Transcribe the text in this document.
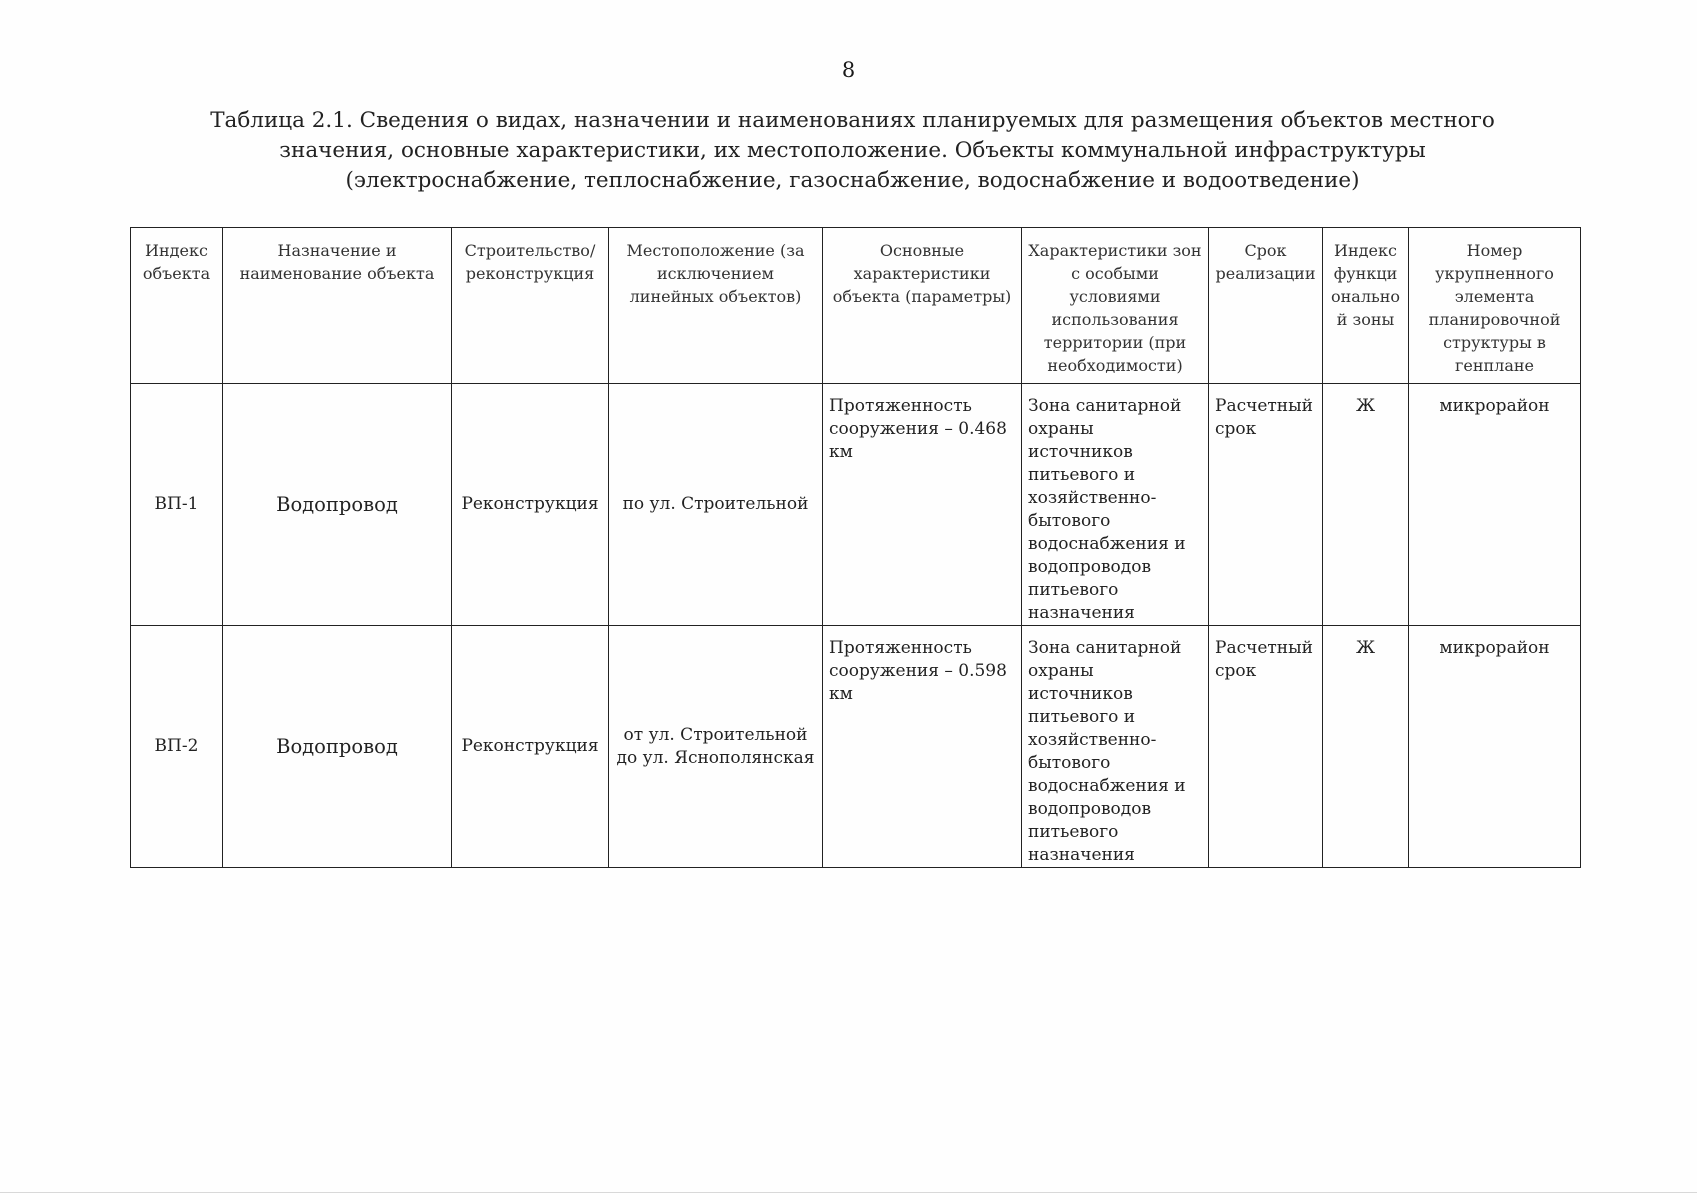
8
Таблица 2.1. Сведения о видах, назначении и наименованиях планируемых для размещения объектов местного значения, основные характеристики, их местоположение. Объекты коммунальной инфраструктуры (электроснабжение, теплоснабжение, газоснабжение, водоснабжение и водоотведение)
Индекс объекта	Назначение и наименование объекта	Строительство/ реконструкция	Местоположение (за исключением линейных объектов)	Основные характеристики объекта (параметры)	Характеристики зон с особыми условиями использования территории (при необходимости)	Срок реализации	Индекс функци онально й зоны	Номер укрупненного элемента планировочной структуры в генплане
ВП-1	Водопровод	Реконструкция	по ул. Строительной	Протяженность сооружения – 0.468 км	Зона санитарной охраны источников питьевого и хозяйственно-бытового водоснабжения и водопроводов питьевого назначения	Расчетный срок	Ж	микрорайон
ВП-2	Водопровод	Реконструкция	от ул. Строительной до ул. Яснополянская	Протяженность сооружения – 0.598 км	Зона санитарной охраны источников питьевого и хозяйственно-бытового водоснабжения и водопроводов питьевого назначения	Расчетный срок	Ж	микрорайон
